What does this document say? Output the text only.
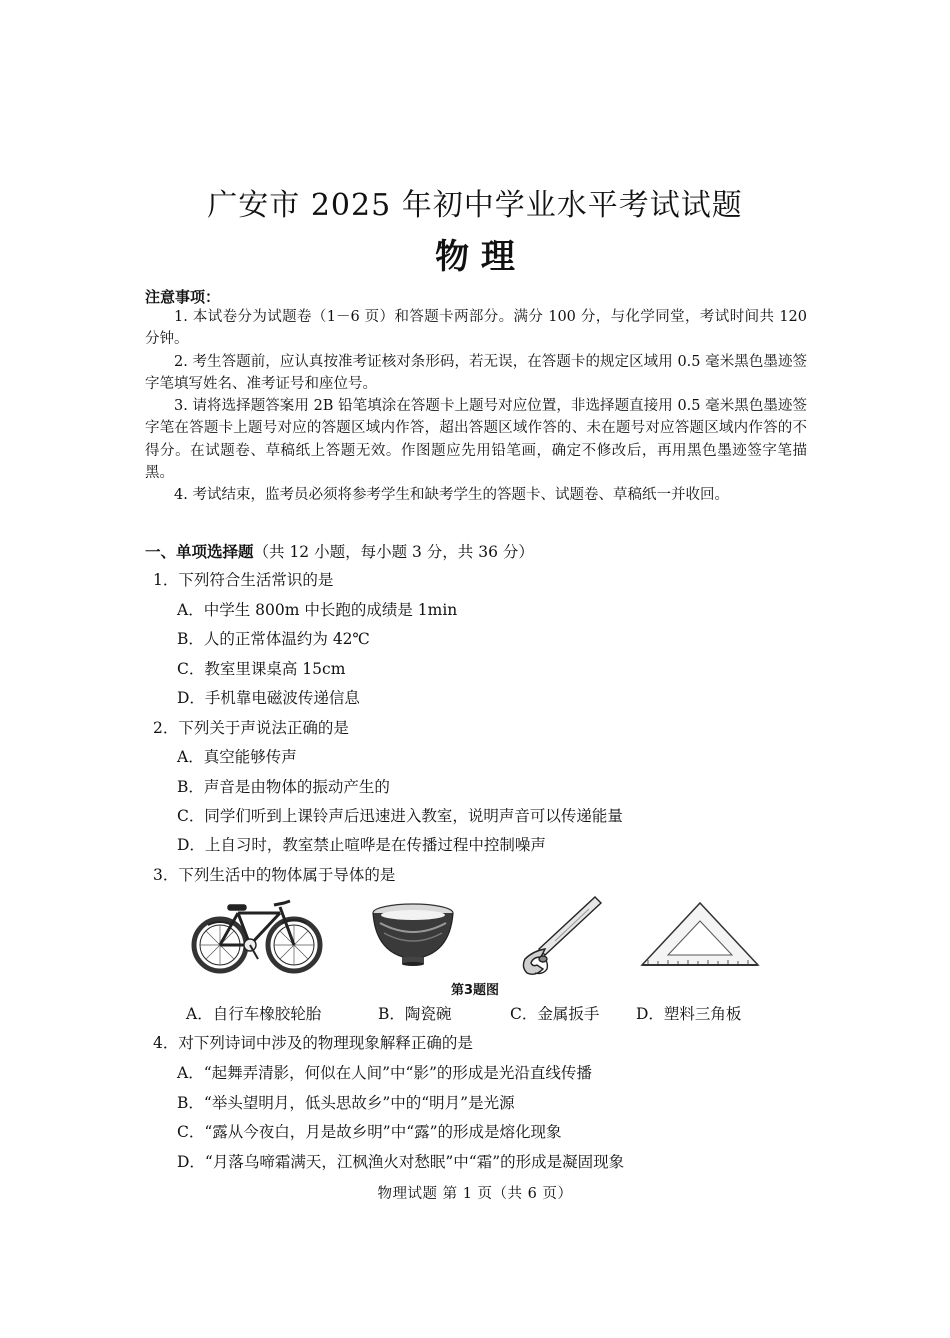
广安市 2025 年初中学业水平考试试题
物 理
注意事项：

1. 本试卷分为试题卷（1－6 页）和答题卡两部分。满分 100 分，与化学同堂，考试时间共 120 分钟。

2. 考生答题前，应认真按准考证核对条形码，若无误，在答题卡的规定区域用 0.5 毫米黑色墨迹签字笔填写姓名、准考证号和座位号。

3. 请将选择题答案用 2B 铅笔填涂在答题卡上题号对应位置，非选择题直接用 0.5 毫米黑色墨迹签字笔在答题卡上题号对应的答题区域内作答，超出答题区域作答的、未在题号对应答题区域内作答的不得分。在试题卷、草稿纸上答题无效。作图题应先用铅笔画，确定不修改后，再用黑色墨迹签字笔描黑。

4. 考试结束，监考员必须将参考学生和缺考学生的答题卡、试题卷、草稿纸一并收回。

一、单项选择题（共 12 小题，每小题 3 分，共 36 分）
1．下列符合生活常识的是
A．中学生 800m 中长跑的成绩是 1min
B．人的正常体温约为 42℃
C．教室里课桌高 15cm
D．手机靠电磁波传递信息
2．下列关于声说法正确的是
A．真空能够传声
B．声音是由物体的振动产生的
C．同学们听到上课铃声后迅速进入教室，说明声音可以传递能量
D．上自习时，教室禁止喧哗是在传播过程中控制噪声
3．下列生活中的物体属于导体的是
第3题图
A．自行车橡胶轮胎	B．陶瓷碗	C．金属扳手 D．塑料三角板
4．对下列诗词中涉及的物理现象解释正确的是
A．“起舞弄清影，何似在人间”中“影”的形成是光沿直线传播
B．“举头望明月，低头思故乡”中的“明月”是光源
C．“露从今夜白，月是故乡明”中“露”的形成是熔化现象
D．“月落乌啼霜满天，江枫渔火对愁眠”中“霜”的形成是凝固现象
物理试题 第 1 页（共 6 页）
